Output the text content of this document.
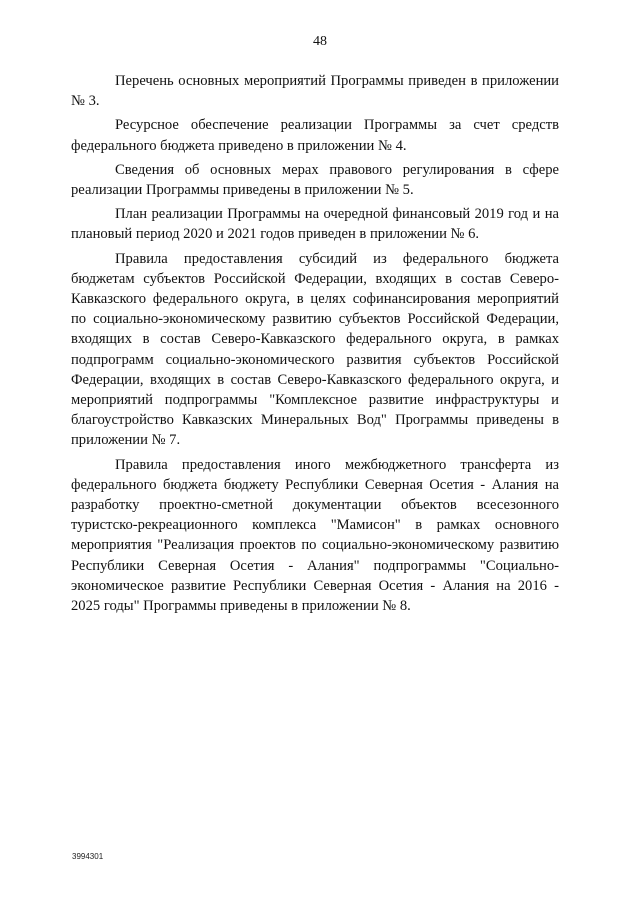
48

Перечень основных мероприятий Программы приведен в приложении № 3.

Ресурсное обеспечение реализации Программы за счет средств федерального бюджета приведено в приложении № 4.

Сведения об основных мерах правового регулирования в сфере реализации Программы приведены в приложении № 5.

План реализации Программы на очередной финансовый 2019 год и на плановый период 2020 и 2021 годов приведен в приложении № 6.

Правила предоставления субсидий из федерального бюджета бюджетам субъектов Российской Федерации, входящих в состав Северо-Кавказского федерального округа, в целях софинансирования мероприятий по социально-экономическому развитию субъектов Российской Федерации, входящих в состав Северо-Кавказского федерального округа, в рамках подпрограмм социально-экономического развития субъектов Российской Федерации, входящих в состав Северо-Кавказского федерального округа, и мероприятий подпрограммы "Комплексное развитие инфраструктуры и благоустройство Кавказских Минеральных Вод" Программы приведены в приложении № 7.

Правила предоставления иного межбюджетного трансферта из федерального бюджета бюджету Республики Северная Осетия - Алания на разработку проектно-сметной документации объектов всесезонного туристско-рекреационного комплекса "Мамисон" в рамках основного мероприятия "Реализация проектов по социально-экономическому развитию Республики Северная Осетия - Алания" подпрограммы "Социально-экономическое развитие Республики Северная Осетия - Алания на 2016 - 2025 годы" Программы приведены в приложении № 8.

3994301
